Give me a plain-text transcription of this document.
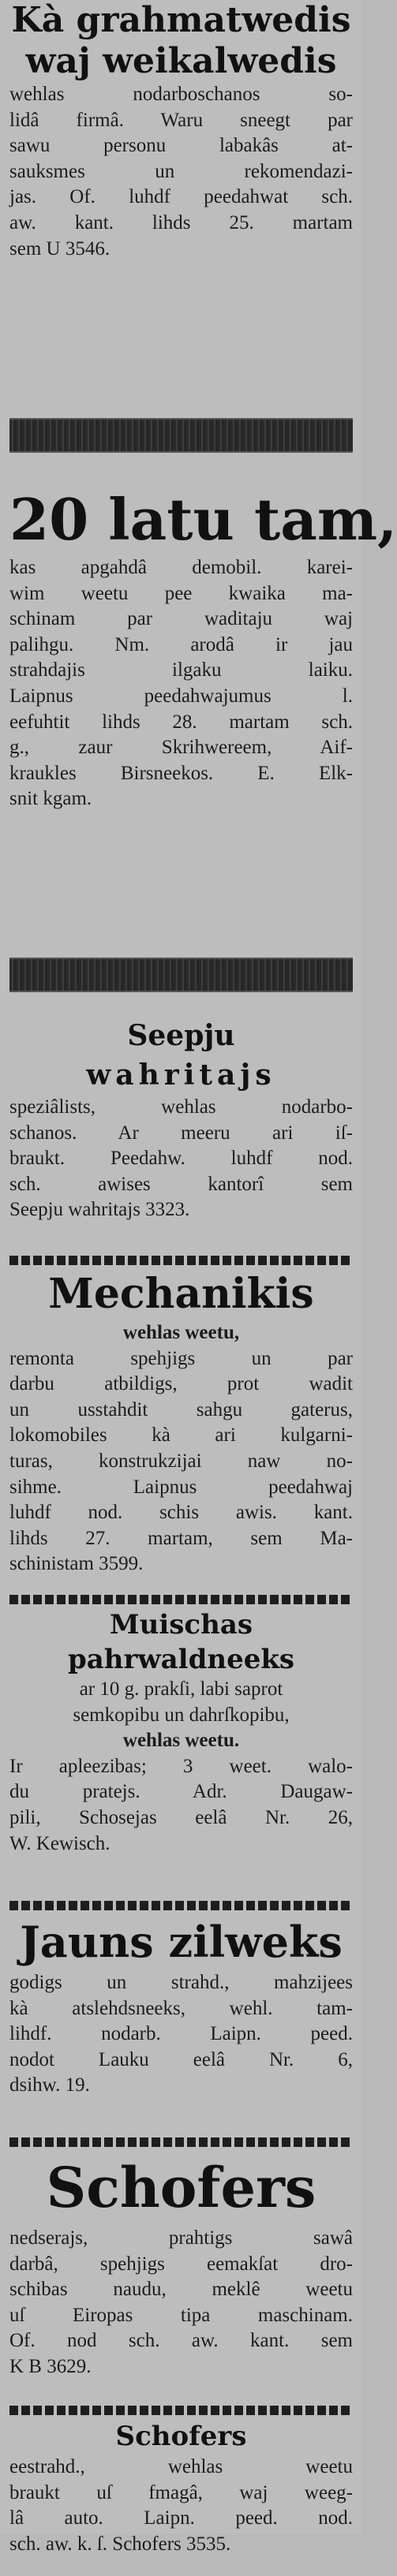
Kà grahmatwedis
waj weikalwedis
wehlas nodarboschanos so-
lidâ firmâ. Waru sneegt par
sawu personu labakâs at-
sauksmes un rekomendazi-
jas. Of. luhdf peedahwat sch.
aw. kant. lihds 25. martam
sem U 3546.
20 latu tam,
kas apgahdâ demobil. karei-
wim weetu pee kwaika ma-
schinam par waditaju waj
palihgu. Nm. arodâ ir jau
strahdajis ilgaku laiku.
Laipnus peedahwajumus l.
eefuhtit lihds 28. martam sch.
g., zaur Skrihwereem, Aif-
kraukles Birsneekos. E. Elk-
snit kgam.
Seepju
wahritajs
speziâlists, wehlas nodarbo-
schanos. Ar meeru ari iſ-
braukt. Peedahw. luhdf nod.
sch. awises kantorî sem
Seepju wahritajs 3323.
Mechanikis
wehlas weetu,
remonta spehjigs un par
darbu atbildigs, prot wadit
un usstahdit sahgu gaterus,
lokomobiles kà ari kulgarni-
turas, konstrukzijai naw no-
sihme. Laipnus peedahwaj
luhdf nod. schis awis. kant.
lihds 27. martam, sem Ma-
schinistam 3599.
Muischas
pahrwaldneeks
ar 10 g. prakſi, labi saprot
semkopibu un dahrſkopibu,
wehlas weetu.
Ir apleezibas; 3 weet. walo-
du pratejs. Adr. Daugaw-
pili, Schosejas eelâ Nr. 26,
W. Kewisch.
Jauns zilweks
godigs un strahd., mahzijees
kà atslehdsneeks, wehl. tam-
lihdf. nodarb. Laipn. peed.
nodot Lauku eelâ Nr. 6,
dsihw. 19.
Schofers
nedserajs, prahtigs sawâ
darbâ, spehjigs eemakſat dro-
schibas naudu, meklê weetu
uſ Eiropas tipa maschinam.
Of. nod sch. aw. kant. sem
K B 3629.
Schofers
eestrahd., wehlas weetu
braukt uſ fmagâ, waj weeg-
lâ auto. Laipn. peed. nod.
sch. aw. k. ſ. Schofers 3535.
